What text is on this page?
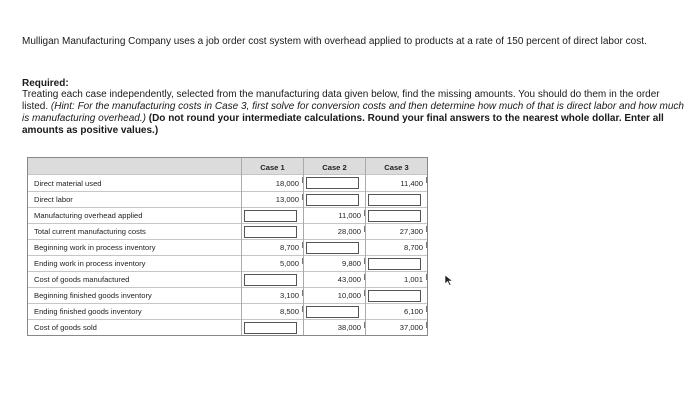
Mulligan Manufacturing Company uses a job order cost system with overhead applied to products at a rate of 150 percent of direct labor cost.
Required:
Treating each case independently, selected from the manufacturing data given below, find the missing amounts. You should do them in the order listed. (Hint: For the manufacturing costs in Case 3, first solve for conversion costs and then determine how much of that is direct labor and how much is manufacturing overhead.) (Do not round your intermediate calculations. Round your final answers to the nearest whole dollar. Enter all amounts as positive values.)
	Case 1	Case 2	Case 3
Direct material used	18,000		11,400

Direct labor	13,000

Manufacturing overhead applied		11,000

Total current manufacturing costs		28,000	27,300

Beginning work in process inventory	8,700		8,700

Ending work in process inventory	5,000	9,800

Cost of goods manufactured		43,000	1,001

Beginning finished goods inventory	3,100	10,000

Ending finished goods inventory	8,500		6,100

Cost of goods sold		38,000	37,000
